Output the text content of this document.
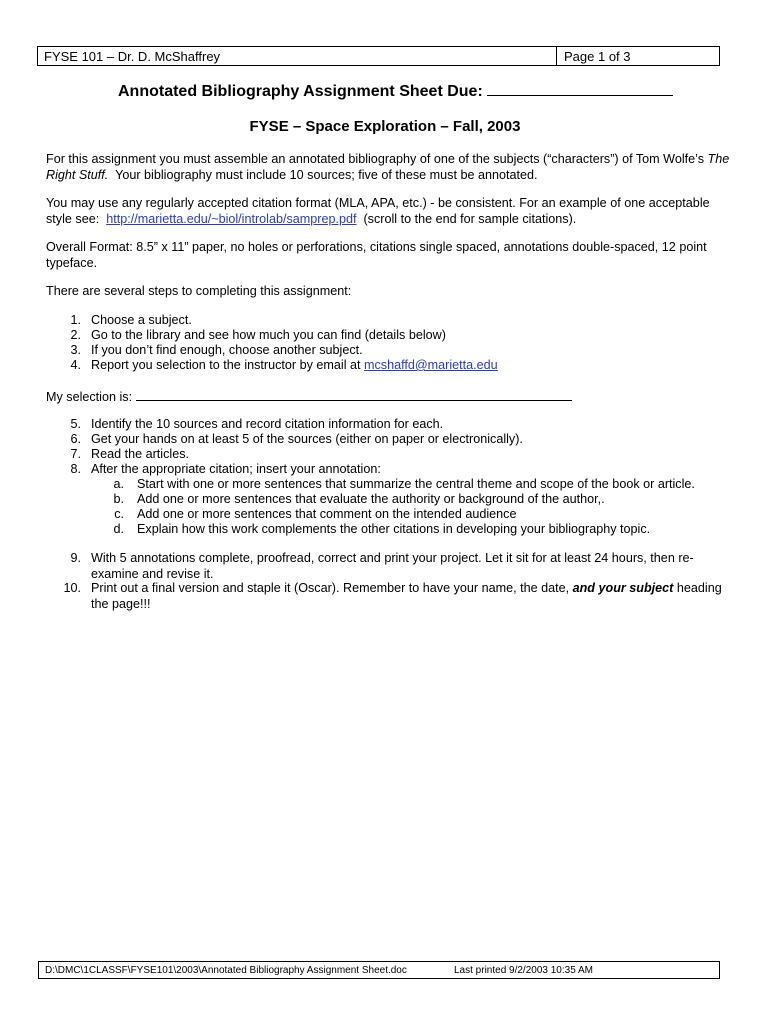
FYSE 101 – Dr. D. McShaffrey	Page 1 of 3
Annotated Bibliography Assignment Sheet Due:
FYSE – Space Exploration – Fall, 2003
For this assignment you must assemble an annotated bibliography of one of the subjects (“characters”) of Tom Wolfe’s The Right Stuff. Your bibliography must include 10 sources; five of these must be annotated.
You may use any regularly accepted citation format (MLA, APA, etc.) - be consistent. For an example of one acceptable style see: http://marietta.edu/~biol/introlab/samprep.pdf (scroll to the end for sample citations).
Overall Format: 8.5” x 11” paper, no holes or perforations, citations single spaced, annotations double-spaced, 12 point typeface.
There are several steps to completing this assignment:
1. Choose a subject.
2. Go to the library and see how much you can find (details below)
3. If you don’t find enough, choose another subject.
4. Report you selection to the instructor by email at mcshaffd@marietta.edu
My selection is:
5. Identify the 10 sources and record citation information for each.
6. Get your hands on at least 5 of the sources (either on paper or electronically).
7. Read the articles.
8. After the appropriate citation; insert your annotation:
a. Start with one or more sentences that summarize the central theme and scope of the book or article.
b. Add one or more sentences that evaluate the authority or background of the author,.
c. Add one or more sentences that comment on the intended audience
d. Explain how this work complements the other citations in developing your bibliography topic.
9. With 5 annotations complete, proofread, correct and print your project. Let it sit for at least 24 hours, then re-examine and revise it.
10. Print out a final version and staple it (Oscar). Remember to have your name, the date, and your subject heading the page!!!
D:\DMC\1CLASSF\FYSE101\2003\Annotated Bibliography Assignment Sheet.doc	Last printed 9/2/2003 10:35 AM
